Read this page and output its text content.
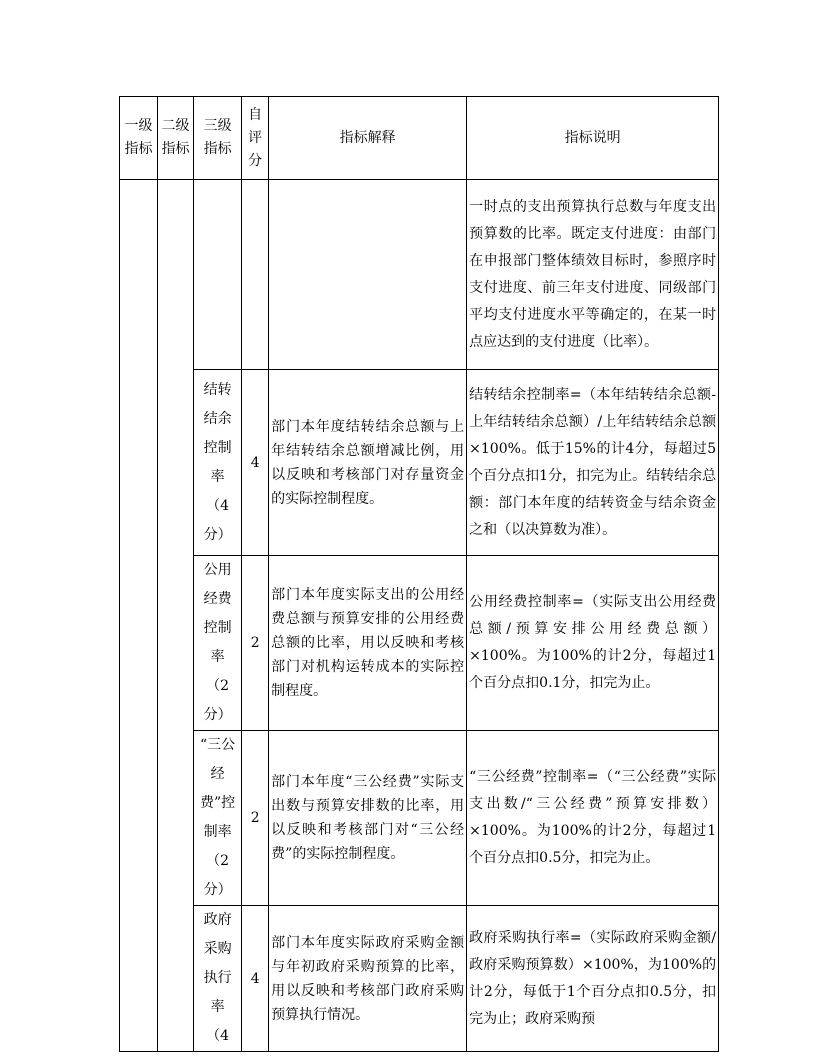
一级指标	二级指标	三级指标	自评分	指标解释	指标说明
					一时点的支出预算执行总数与年度支出预算数的比率。既定支付进度：由部门在申报部门整体绩效目标时，参照序时支付进度、前三年支付进度、同级部门平均支付进度水平等确定的，在某一时点应达到的支付进度（比率）。

		结转结余控制率（4分）	4	部门本年度结转结余总额与上年结转结余总额增减比例，用以反映和考核部门对存量资金的实际控制程度。	结转结余控制率=（本年结转结余总额-上年结转结余总额）/上年结转结余总额×100%。低于15%的计4分，每超过5个百分点扣1分，扣完为止。结转结余总额：部门本年度的结转资金与结余资金之和（以决算数为准）。

		公用经费控制率（2分）	2	部门本年度实际支出的公用经费总额与预算安排的公用经费总额的比率，用以反映和考核部门对机构运转成本的实际控制程度。	公用经费控制率=（实际支出公用经费总额/预算安排公用经费总额）×100%。为100%的计2分，每超过1个百分点扣0.1分，扣完为止。

		“三公经费”控制率（2分）	2	部门本年度“三公经费”实际支出数与预算安排数的比率，用以反映和考核部门对“三公经费”的实际控制程度。	“三公经费”控制率=（“三公经费”实际支出数/“三公经费”预算安排数）×100%。为100%的计2分，每超过1个百分点扣0.5分，扣完为止。

		政府采购执行率（4	4	部门本年度实际政府采购金额与年初政府采购预算的比率，用以反映和考核部门政府采购预算执行情况。	政府采购执行率=（实际政府采购金额/政府采购预算数）×100%，为100%的计2分，每低于1个百分点扣0.5分，扣完为止；政府采购预
